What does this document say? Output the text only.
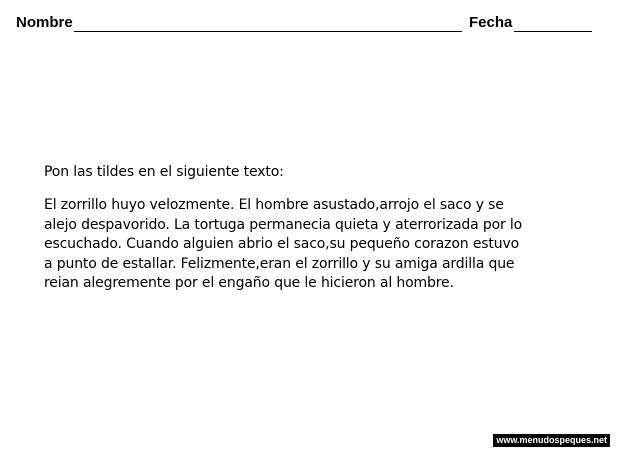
Nombre	Fecha

Pon las tildes en el siguiente texto:

El zorrillo huyo velozmente. El hombre asustado,arrojo el saco y se
alejo despavorido. La tortuga permanecia quieta y aterrorizada por lo
escuchado. Cuando alguien abrio el saco,su pequeño corazon estuvo
a punto de estallar. Felizmente,eran el zorrillo y su amiga ardilla que
reian alegremente por el engaño que le hicieron al hombre.
www.menudospeques.net
